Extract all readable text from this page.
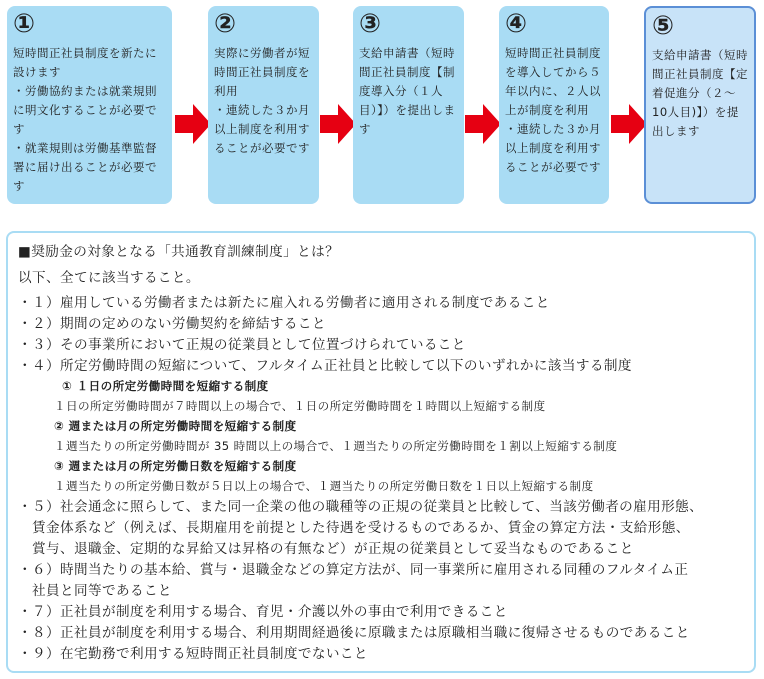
①
短時間正社員制度を新たに設けます
・労働協約または就業規則に明文化することが必要です
・就業規則は労働基準監督署に届け出ることが必要です
②
実際に労働者が短時間正社員制度を利用
・連続した３か月以上制度を利用することが必要です
③
支給申請書（短時間正社員制度【制度導入分（１人目）】）を提出します
④
短時間正社員制度を導入してから５年以内に、２人以上が制度を利用
・連続した３か月以上制度を利用することが必要です
⑤
支給申請書（短時間正社員制度【定着促進分（２～10人目)】）を提出します
■奨励金の対象となる「共通教育訓練制度」とは？
以下、全てに該当すること。
・１）雇用している労働者または新たに雇入れる労働者に適用される制度であること
・２）期間の定めのない労働契約を締結すること
・３）その事業所において正規の従業員として位置づけられていること
・４）所定労働時間の短縮について、フルタイム正社員と比較して以下のいずれかに該当する制度
① １日の所定労働時間を短縮する制度
１日の所定労働時間が７時間以上の場合で、１日の所定労働時間を１時間以上短縮する制度
② 週または月の所定労働時間を短縮する制度
１週当たりの所定労働時間が 35 時間以上の場合で、１週当たりの所定労働時間を１割以上短縮する制度
③ 週または月の所定労働日数を短縮する制度
１週当たりの所定労働日数が５日以上の場合で、１週当たりの所定労働日数を１日以上短縮する制度
・５）社会通念に照らして、また同一企業の他の職種等の正規の従業員と比較して、当該労働者の雇用形態、
　賃金体系など（例えば、長期雇用を前提とした待遇を受けるものであるか、賃金の算定方法・支給形態、
　賞与、退職金、定期的な昇給又は昇格の有無など）が正規の従業員として妥当なものであること
・６）時間当たりの基本給、賞与・退職金などの算定方法が、同一事業所に雇用される同種のフルタイム正
　社員と同等であること
・７）正社員が制度を利用する場合、育児・介護以外の事由で利用できること
・８）正社員が制度を利用する場合、利用期間経過後に原職または原職相当職に復帰させるものであること
・９）在宅勤務で利用する短時間正社員制度でないこと
